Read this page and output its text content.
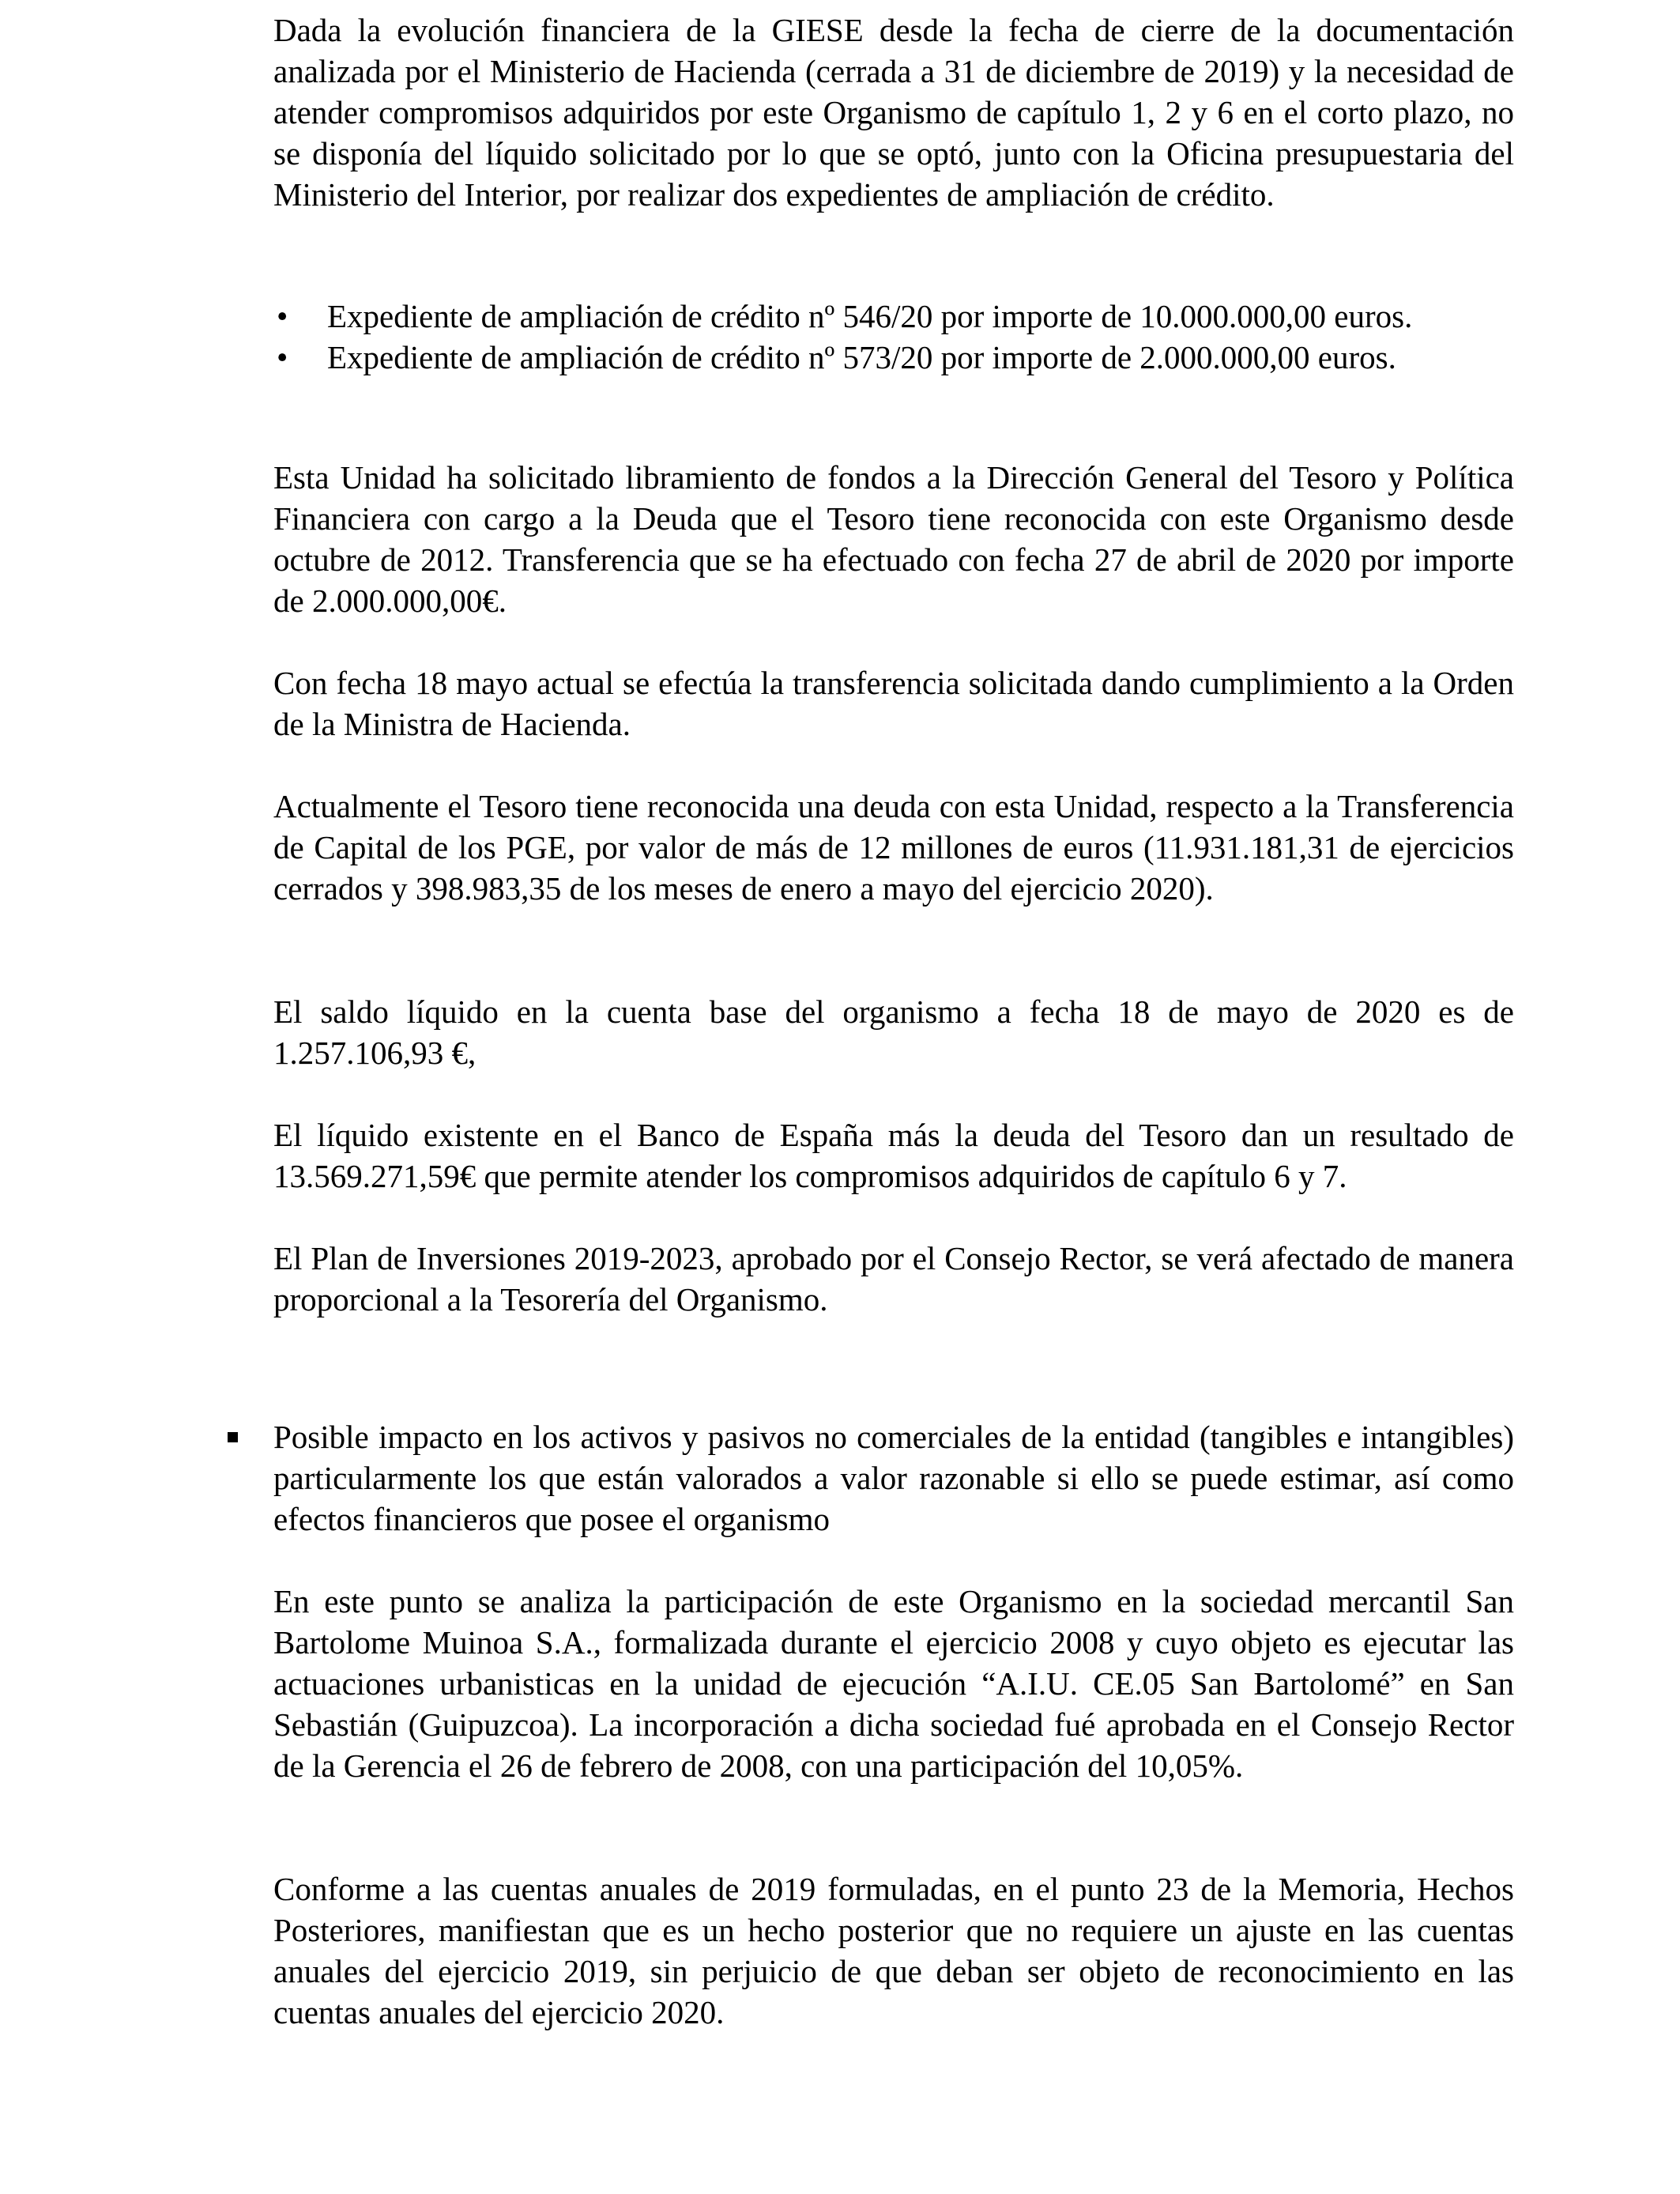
Dada la evolución financiera de la GIESE desde la fecha de cierre de la documentación analizada por el Ministerio de Hacienda (cerrada a 31 de diciembre de 2019) y la necesidad de atender compromisos adquiridos por este Organismo de capítulo 1, 2 y 6 en el corto plazo, no se disponía del líquido solicitado por lo que se optó, junto con la Oficina presupuestaria del Ministerio del Interior, por realizar dos expedientes de ampliación de crédito.

•	Expediente de ampliación de crédito nº 546/20 por importe de 10.000.000,00 euros.
•	Expediente de ampliación de crédito nº 573/20 por importe de 2.000.000,00 euros.

Esta Unidad ha solicitado libramiento de fondos a la Dirección General del Tesoro y Política Financiera con cargo a la Deuda que el Tesoro tiene reconocida con este Organismo desde octubre de 2012. Transferencia que se ha efectuado con fecha 27 de abril de 2020 por importe de 2.000.000,00€.

Con fecha 18 mayo actual se efectúa la transferencia solicitada dando cumplimiento a la Orden de la Ministra de Hacienda.

Actualmente el Tesoro tiene reconocida una deuda con esta Unidad, respecto a la Transferencia de Capital de los PGE, por valor de más de 12 millones de euros (11.931.181,31 de ejercicios cerrados y 398.983,35 de los meses de enero a mayo del ejercicio 2020).

El saldo líquido en la cuenta base del organismo a fecha 18 de mayo de 2020 es de 1.257.106,93 €,

El líquido existente en el Banco de España más la deuda del Tesoro dan un resultado de 13.569.271,59€ que permite atender los compromisos adquiridos de capítulo 6 y 7.

El Plan de Inversiones 2019-2023, aprobado por el Consejo Rector, se verá afectado de manera proporcional a la Tesorería del Organismo.

Posible impacto en los activos y pasivos no comerciales de la entidad (tangibles e intangibles) particularmente los que están valorados a valor razonable si ello se puede estimar, así como efectos financieros que posee el organismo

En este punto se analiza la participación de este Organismo en la sociedad mercantil San Bartolome Muinoa S.A., formalizada durante el ejercicio 2008 y cuyo objeto es ejecutar las actuaciones urbanisticas en la unidad de ejecución “A.I.U. CE.05 San Bartolomé” en San Sebastián (Guipuzcoa). La incorporación a dicha sociedad fué aprobada en el Consejo Rector de la Gerencia el 26 de febrero de 2008, con una participación del 10,05%.

Conforme a las cuentas anuales de 2019 formuladas, en el punto 23 de la Memoria, Hechos Posteriores, manifiestan que es un hecho posterior que no requiere un ajuste en las cuentas anuales del ejercicio 2019, sin perjuicio de que deban ser objeto de reconocimiento en las cuentas anuales del ejercicio 2020.
